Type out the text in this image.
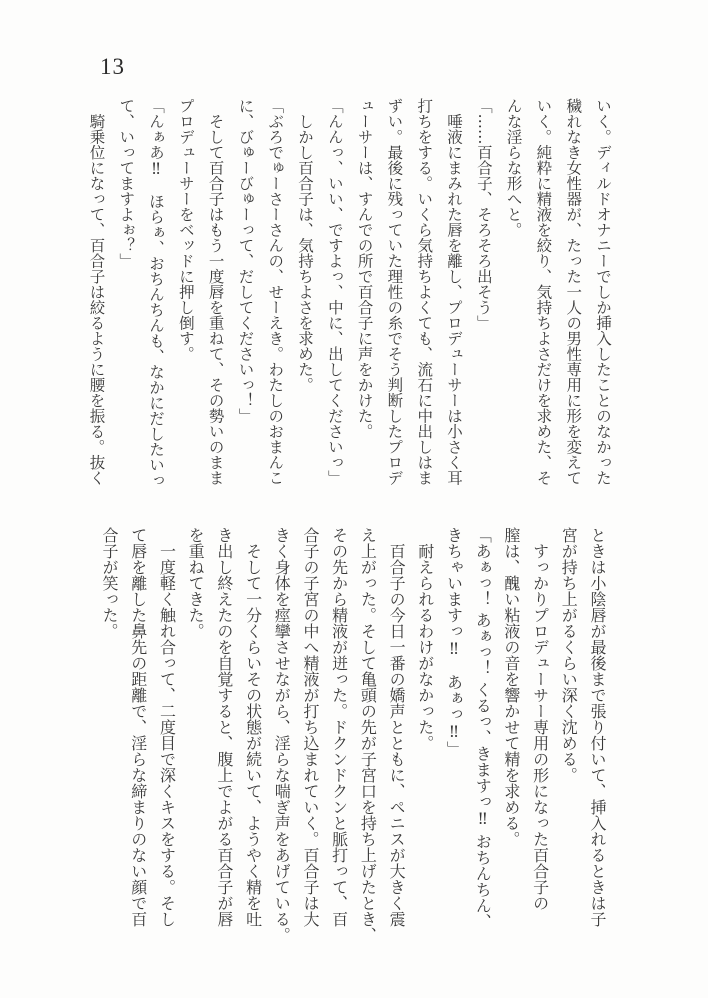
13
いく。ディルドオナニーでしか挿入したことのなかった
穢れなき女性器が、たった一人の男性専用に形を変えて
いく。純粋に精液を絞り、気持ちよさだけを求めた、そ
んな淫らな形へと。
「……百合子、そろそろ出そう」
　唾液にまみれた唇を離し、プロデューサーは小さく耳
打ちをする。いくら気持ちよくても、流石に中出しはま
ずい。最後に残っていた理性の糸でそう判断したプロデ
ューサーは、すんでの所で百合子に声をかけた。
「んんっ、いい、ですよっ、中に、出してくださいっ」
　しかし百合子は、気持ちよさを求めた。
「ぶろでゅーさーさんの、せーえき。わたしのおまんこ
に、びゅーびゅーって、だしてくださいっ！」
　そして百合子はもう一度唇を重ねて、その勢いのまま
プロデューサーをベッドに押し倒す。
「んぁあ‼　ほらぁ、おちんちんも、なかにだしたいっ
て、いってますよぉ？」
　騎乗位になって、百合子は絞るように腰を振る。抜く
ときは小陰唇が最後まで張り付いて、挿入れるときは子
宮が持ち上がるくらい深く沈める。
　すっかりプロデューサー専用の形になった百合子の
膣は、醜い粘液の音を響かせて精を求める。
「あぁっ！ あぁっ！ くるっ、きますっ‼ おちんちん、
きちゃいますっ‼　あぁっ‼」
　耐えられるわけがなかった。
　百合子の今日一番の嬌声とともに、ペニスが大きく震
え上がった。そして亀頭の先が子宮口を持ち上げたとき、
その先から精液が迸った。ドクンドクンと脈打って、百
合子の子宮の中へ精液が打ち込まれていく。百合子は大
きく身体を痙攣させながら、淫らな喘ぎ声をあげている。
　そして一分くらいその状態が続いて、ようやく精を吐
き出し終えたのを自覚すると、腹上でよがる百合子が唇
を重ねてきた。
　一度軽く触れ合って、二度目で深くキスをする。そし
て唇を離した鼻先の距離で、淫らな締まりのない顔で百
合子が笑った。
